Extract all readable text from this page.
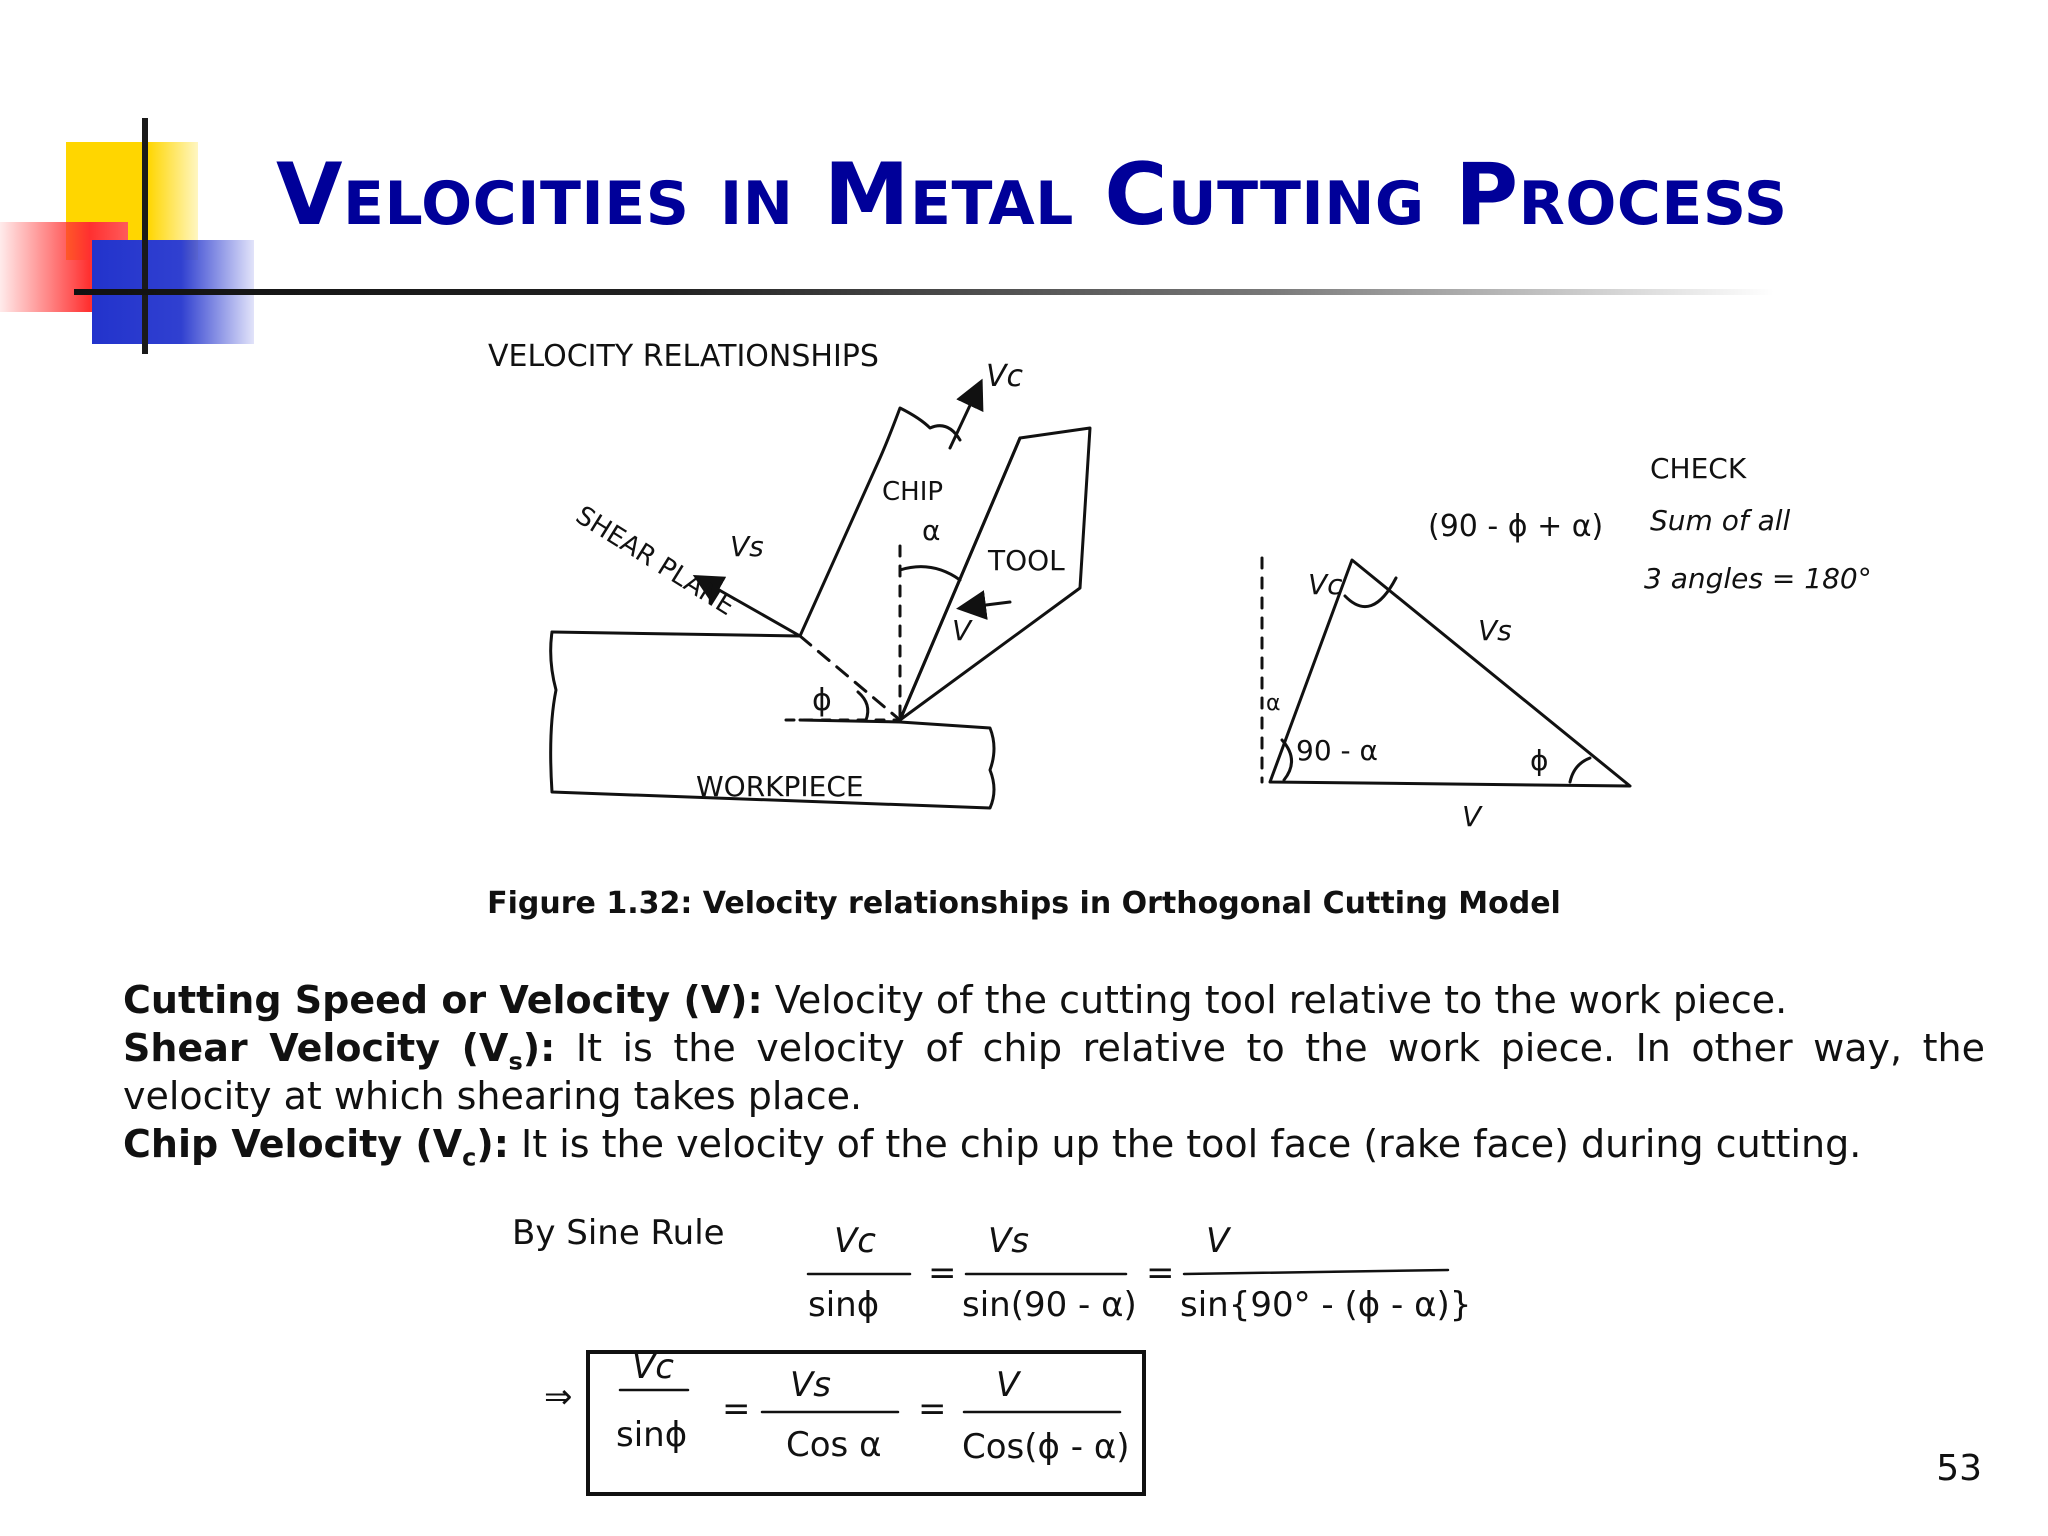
Velocities in Metal Cutting Process
VELOCITY RELATIONSHIPS
Vc
CHIP
α
TOOL
SHEAR PLANE
Vs
V
ϕ
WORKPIECE
(90 - ϕ + α)
Vc
Vs
α
90 - α	ϕ
V
CHECK
Sum of all
3 angles = 180°
Figure 1.32: Velocity relationships in Orthogonal Cutting Model

Cutting Speed or Velocity (V): Velocity of the cutting tool relative to the work piece.

Shear Velocity $(V_s)$: It is the velocity of chip relative to the work piece. In other way, the velocity at which shearing takes place.

Chip Velocity $(V_c)$: It is the velocity of the chip up the tool face (rake face) during cutting.

By Sine Rule	Vc
sinϕ
=
Vs
sin(90 - α)
=
V
sin{90° - (ϕ - α)}
⇒
Vc
sinϕ
=
Vs
Cos α
=
V
Cos(ϕ - α)
53
